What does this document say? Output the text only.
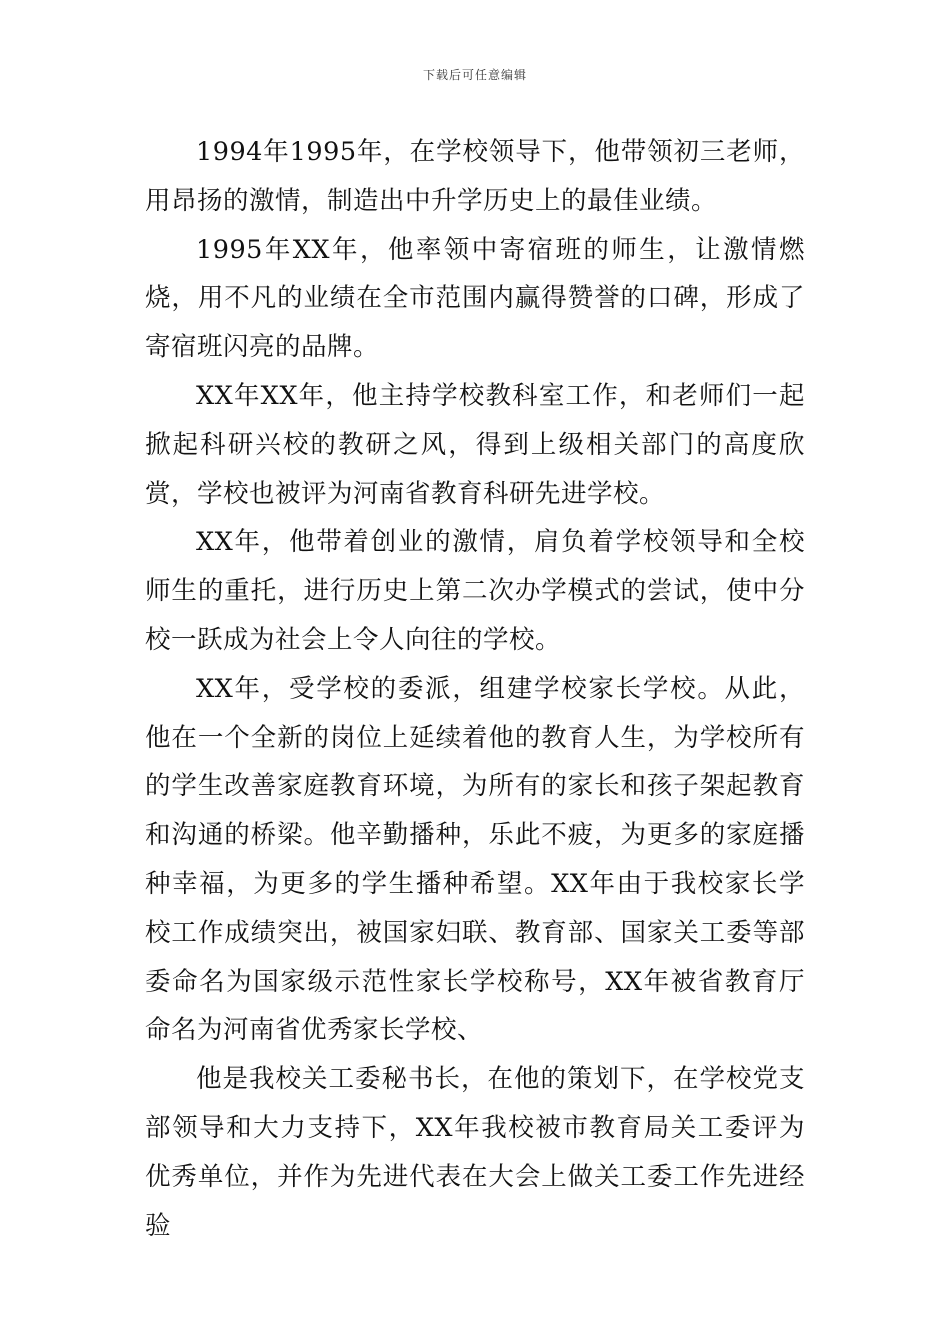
下载后可任意编辑

1994年1995年，在学校领导下，他带领初三老师，用昂扬的激情，制造出中升学历史上的最佳业绩。

1995年XX年，他率领中寄宿班的师生，让激情燃烧，用不凡的业绩在全市范围内赢得赞誉的口碑，形成了寄宿班闪亮的品牌。

XX年XX年，他主持学校教科室工作，和老师们一起掀起科研兴校的教研之风，得到上级相关部门的高度欣赏，学校也被评为河南省教育科研先进学校。

XX年，他带着创业的激情，肩负着学校领导和全校师生的重托，进行历史上第二次办学模式的尝试，使中分校一跃成为社会上令人向往的学校。

XX年，受学校的委派，组建学校家长学校。从此，他在一个全新的岗位上延续着他的教育人生，为学校所有的学生改善家庭教育环境，为所有的家长和孩子架起教育和沟通的桥梁。他辛勤播种，乐此不疲，为更多的家庭播种幸福，为更多的学生播种希望。XX年由于我校家长学校工作成绩突出，被国家妇联、教育部、国家关工委等部委命名为国家级示范性家长学校称号，XX年被省教育厅命名为河南省优秀家长学校、

他是我校关工委秘书长，在他的策划下，在学校党支部领导和大力支持下，XX年我校被市教育局关工委评为优秀单位，并作为先进代表在大会上做关工委工作先进经验
